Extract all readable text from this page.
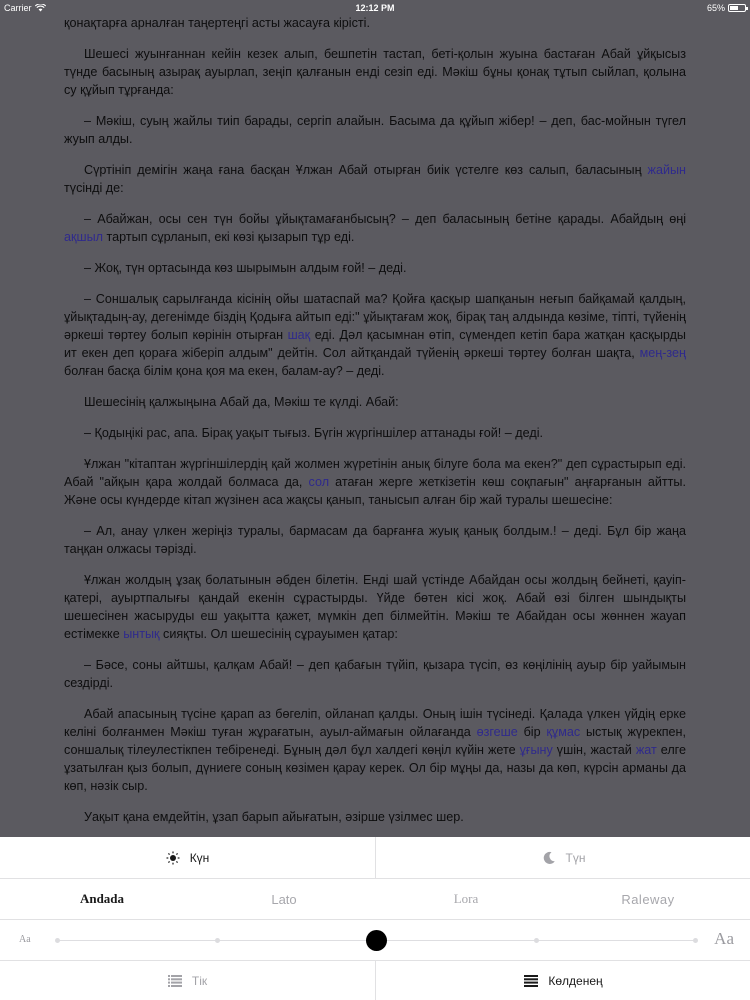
Carrier	12:12 PM	65%

қонақтарға арналған таңертеңгі асты жасауға кірісті.

Шешесі жуынғаннан кейін кезек алып, бешпетін тастап, беті-қолын жуына бастаған Абай ұйқысыз түнде басының азырақ ауырлап, зеңіп қалғанын енді сезіп еді. Мәкіш бұны қонақ тұтып сыйлап, қолына су құйып тұрғанда:

– Мәкіш, суың жайлы тиіп барады, сергіп алайын. Басыма да құйып жібер! – деп, бас-мойнын түгел жуып алды.

Сүртініп демігін жаңа ғана басқан Ұлжан Абай отырған биік үстелге көз салып, баласының жайын түсінді де:

– Абайжан, осы сен түн бойы ұйықтамағанбысың? – деп баласының бетіне қарады. Абайдың өңі ақшыл тартып сұрланып, екі көзі қызарып тұр еді.

– Жоқ, түн ортасында көз шырымын алдым ғой! – деді.

– Соншалық сарылғанда кісінің ойы шатаспай ма? Қойға қасқыр шапқанын неғып байқамай қалдың, ұйықтадың-ау, дегенімде біздің Қодыға айтып еді:" ұйықтағам жоқ, бірақ таң алдында көзіме, тіпті, түйенің әркеші төртеу болып көрінін отырған шақ еді. Дәл қасымнан өтіп, сүмендеп кетіп бара жатқан қасқырды ит екен деп қораға жіберіп алдым" дейтін. Сол айтқандай түйенің әркеші төртеу болған шақта, мең-зең болған басқа білім қона қоя ма екен, балам-ау? – деді.

Шешесінің қалжыңына Абай да, Мәкіш те күлді. Абай:

– Қодыңікі рас, апа. Бірақ уақыт тығыз. Бүгін жүргіншілер аттанады ғой! – деді.

Ұлжан "кітаптан жүргіншілердің қай жолмен жүретінін анық білуге бола ма екен?" деп сұрастырып еді. Абай "айқын қара жолдай болмаса да, сол атаған жерге жеткізетін көш соқпағын" аңғарғанын айтты. Және осы күндерде кітап жүзінен аса жақсы қанып, танысып алған бір жай туралы шешесіне:

– Ал, анау үлкен жеріңіз туралы, бармасам да барғанға жуық қанық болдым.! – деді. Бұл бір жаңа таңқан олжасы тәрізді.

Ұлжан жолдың ұзақ болатынын әбден білетін. Енді шай үстінде Абайдан осы жолдың бейнеті, қауіп-қатері, ауыртпалығы қандай екенін сұрастырды. Үйде бөтен кісі жоқ. Абай өзі білген шындықты шешесінен жасыруды еш уақытта қажет, мүмкін деп білмейтін. Мәкіш те Абайдан осы жөннен жауап естімекке ынтық сияқты. Ол шешесінің сұрауымен қатар:

– Бәсе, соны айтшы, қалқам Абай! – деп қабағын түйіп, қызара түсіп, өз көңілінің ауыр бір уайымын сездірді.

Абай апасының түсіне қарап аз бөгеліп, ойланап қалды. Оның ішін түсінеді. Қалада үлкен үйдің ерке келіні болғанмен Мәкіш туған жұрағатын, ауыл-аймағын ойлағанда өзгеше бір құмас ыстық жүрекпен, соншалық тілеулестікпен тебіренеді. Бұның дәл бұл халдегі көңіл күйін жете ұғыну үшін, жастай жат елге ұзатылған қыз болып, дүниеге соның көзімен қарау керек. Ол бір мұңы да, назы да көп, күрсін арманы да көп, нәзік сыр.

Уақыт қана емдейтін, ұзап барып айығатын, әзірше үзілмес шер.

Күн	Түн
Andada	Lato	Lora	Raleway
Aa	Aa
Тік	Көлденең
